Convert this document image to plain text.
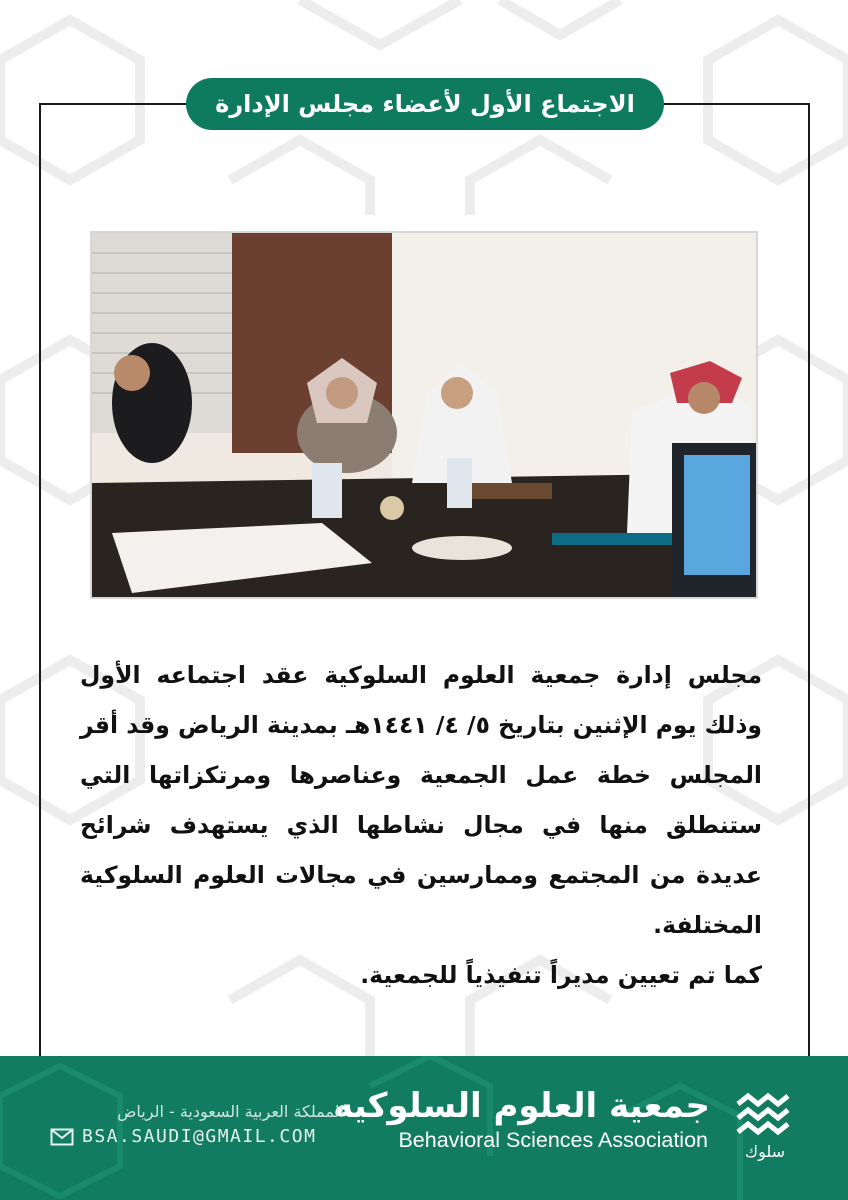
الاجتماع الأول لأعضاء مجلس الإدارة

مجلس إدارة جمعية العلوم السلوكية عقد اجتماعه الأول وذلك يوم الإثنين بتاريخ ٥/ ٤/ ١٤٤١هـ بمدينة الرياض وقد أقر المجلس خطة عمل الجمعية وعناصرها ومرتكزاتها التي ستنطلق منها في مجال نشاطها الذي يستهدف شرائح عديدة من المجتمع وممارسين في مجالات العلوم السلوكية المختلفة.

كما تم تعيين مديراً تنفيذياً للجمعية.

سلوك
جمعية العلوم السلوكيه
Behavioral Sciences Association
المملكة العربية السعودية - الرياض
BSA.SAUDI@GMAIL.COM
